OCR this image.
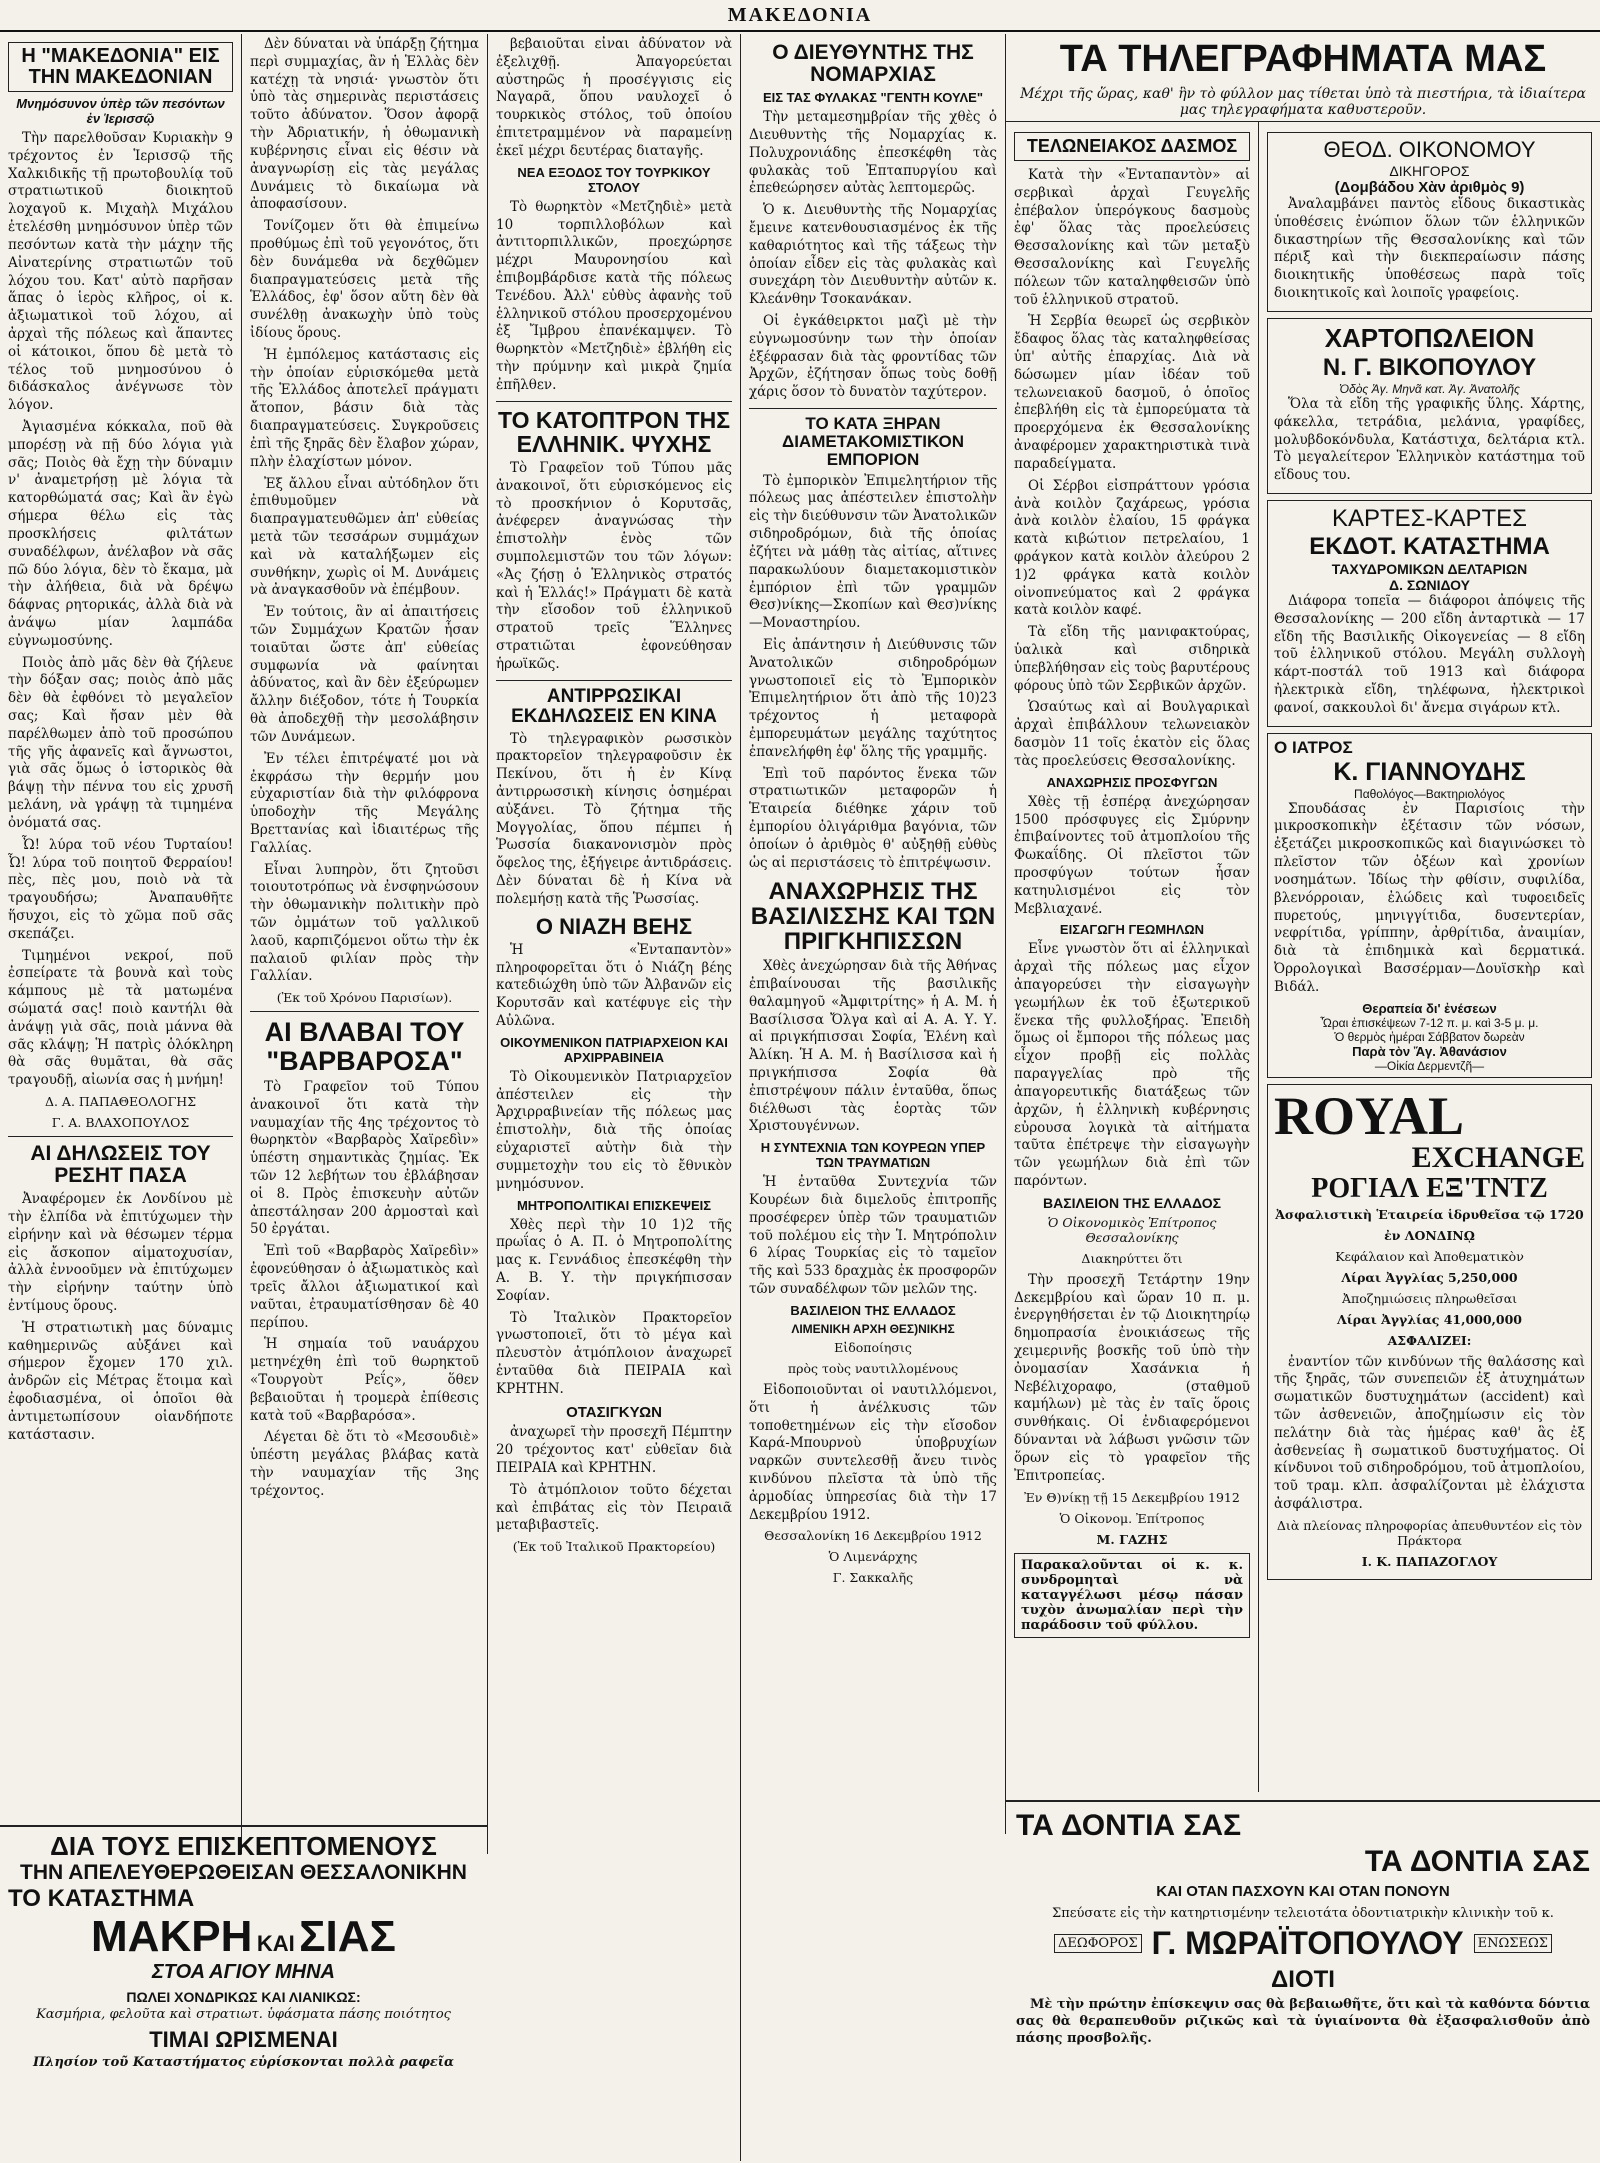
ΜΑΚΕΔΟΝΙΑ
Η "ΜΑΚΕΔΟΝΙΑ" ΕΙΣ ΤΗΝ ΜΑΚΕΔΟΝΙΑΝ
Μνημόσυνον ὑπὲρ τῶν πεσόντων ἐν Ἱερισσῷ

Τὴν παρελθοῦσαν Κυριακὴν 9 τρέχοντος ἐν Ἱερισσῷ τῆς Χαλκιδικῆς τῇ πρωτοβουλίᾳ τοῦ στρατιωτικοῦ διοικητοῦ λοχαγοῦ κ. Μιχαὴλ Μιχάλου ἐτελέσθη μνημόσυνον ὑπὲρ τῶν πεσόντων κατὰ τὴν μάχην τῆς Αἰνατερίνης στρατιωτῶν τοῦ λόχου του. Κατ' αὐτὸ παρῆσαν ἅπας ὁ ἱερὸς κλῆρος, οἱ κ. ἀξιωματικοὶ τοῦ λόχου, αἱ ἀρχαὶ τῆς πόλεως καὶ ἅπαντες οἱ κάτοικοι, ὅπου δὲ μετὰ τὸ τέλος τοῦ μνημοσύνου ὁ διδάσκαλος ἀνέγνωσε τὸν λόγον.

Ἀγιασμένα κόκκαλα, ποῦ θὰ μπορέσῃ νὰ πῇ δύο λόγια γιὰ σᾶς; Ποιὸς θὰ ἔχῃ τὴν δύναμιν ν' ἀναμετρήσῃ μὲ λόγια τὰ κατορθώματά σας; Καὶ ἂν ἐγὼ σήμερα θέλω εἰς τὰς προσκλήσεις φιλτάτων συναδέλφων, ἀνέλαβον νὰ σᾶς πῶ δύο λόγια, δὲν τὸ ἔκαμα, μὰ τὴν ἀλήθεια, διὰ νὰ δρέψω δάφνας ρητορικάς, ἀλλὰ διὰ νὰ ἀνάψω μίαν λαμπάδα εὐγνωμοσύνης.

Ποιὸς ἀπὸ μᾶς δὲν θὰ ζήλευε τὴν δόξαν σας; ποιὸς ἀπὸ μᾶς δὲν θὰ ἐφθόνει τὸ μεγαλεῖον σας; Καὶ ἤσαν μὲν θὰ παρέλθωμεν ἀπὸ τοῦ προσώπου τῆς γῆς ἀφανεῖς καὶ ἄγνωστοι, γιὰ σᾶς ὅμως ὁ ἱστορικὸς θὰ βάψῃ τὴν πέννα του εἰς χρυσῆ μελάνη, νὰ γράψῃ τὰ τιμημένα ὀνόματά σας.

Ὦ! λύρα τοῦ νέου Τυρταίου! Ὦ! λύρα τοῦ ποιητοῦ Φερραίου! πὲς, πὲς μου, ποιὸ νὰ τὰ τραγουδήσω; Ἀναπαυθῆτε ἥσυχοι, εἰς τὸ χῶμα ποῦ σᾶς σκεπάζει.

Τιμημένοι νεκροί, ποῦ ἐσπείρατε τὰ βουνὰ καὶ τοὺς κάμπους μὲ τὰ ματωμένα σώματά σας! ποιὸ καντήλι θὰ ἀνάψῃ γιὰ σᾶς, ποιὰ μάννα θὰ σᾶς κλάψῃ; Ἡ πατρὶς ὁλόκληρη θὰ σᾶς θυμᾶται, θὰ σᾶς τραγουδῇ, αἰωνία σας ἡ μνήμη!

Δ. Α. ΠΑΠΑΘΕΟΛΟΓΗΣ
Γ. Α. ΒΛΑΧΟΠΟΥΛΟΣ
ΑΙ ΔΗΛΩΣΕΙΣ ΤΟΥ ΡΕΣΗΤ ΠΑΣΑ

Ἀναφέρομεν ἐκ Λονδίνου μὲ τὴν ἐλπίδα νὰ ἐπιτύχωμεν τὴν εἰρήνην καὶ νὰ θέσωμεν τέρμα εἰς ἄσκοπον αἱματοχυσίαν, ἀλλὰ ἐννοοῦμεν νὰ ἐπιτύχωμεν τὴν εἰρήνην ταύτην ὑπὸ ἐντίμους ὅρους.

Ἡ στρατιωτικὴ μας δύναμις καθημερινῶς αὐξάνει καὶ σήμερον ἔχομεν 170 χιλ. ἀνδρῶν εἰς Μέτρας ἕτοιμα καὶ ἐφοδιασμένα, οἱ ὁποῖοι θὰ ἀντιμετωπίσουν οἱανδήποτε κατάστασιν.

Δὲν δύναται νὰ ὑπάρξῃ ζήτημα περὶ συμμαχίας, ἂν ἡ Ἑλλὰς δὲν κατέχῃ τὰ νησιά· γνωστὸν ὅτι ὑπὸ τὰς σημερινὰς περιστάσεις τοῦτο ἀδύνατον. Ὅσον ἀφορᾷ τὴν Ἀδριατικήν, ἡ ὀθωμανικὴ κυβέρνησις εἶναι εἰς θέσιν νὰ ἀναγνωρίσῃ εἰς τὰς μεγάλας Δυνάμεις τὸ δικαίωμα νὰ ἀποφασίσουν.

Τονίζομεν ὅτι θὰ ἐπιμείνω προθύμως ἐπὶ τοῦ γεγονότος, ὅτι δὲν δυνάμεθα νὰ δεχθῶμεν διαπραγματεύσεις μετὰ τῆς Ἑλλάδος, ἐφ' ὅσον αὕτη δὲν θὰ συνέλθῃ ἀνακωχὴν ὑπὸ τοὺς ἰδίους ὅρους.

Ἡ ἐμπόλεμος κατάστασις εἰς τὴν ὁποίαν εὑρισκόμεθα μετὰ τῆς Ἑλλάδος ἀποτελεῖ πράγματι ἄτοπον, βάσιν διὰ τὰς διαπραγματεύσεις. Συγκροῦσεις ἐπὶ τῆς ξηρᾶς δὲν ἔλαβον χώραν, πλὴν ἐλαχίστων μόνον.

Ἐξ ἄλλου εἶναι αὐτόδηλον ὅτι ἐπιθυμοῦμεν νὰ διαπραγματευθῶμεν ἀπ' εὐθείας μετὰ τῶν τεσσάρων συμμάχων καὶ νὰ καταλήξωμεν εἰς συνθήκην, χωρὶς οἱ Μ. Δυνάμεις νὰ ἀναγκασθοῦν νὰ ἐπέμβουν.

Ἐν τούτοις, ἂν αἱ ἀπαιτήσεις τῶν Συμμάχων Κρατῶν ἦσαν τοιαῦται ὥστε ἀπ' εὐθείας συμφωνία νὰ φαίνηται ἀδύνατος, καὶ ἂν δὲν ἐξεύρωμεν ἄλλην διέξοδον, τότε ἡ Τουρκία θὰ ἀποδεχθῇ τὴν μεσολάβησιν τῶν Δυνάμεων.

Ἐν τέλει ἐπιτρέψατέ μοι νὰ ἐκφράσω τὴν θερμήν μου εὐχαριστίαν διὰ τὴν φιλόφρονα ὑποδοχὴν τῆς Μεγάλης Βρεττανίας καὶ ἰδιαιτέρως τῆς Γαλλίας.

Εἶναι λυπηρὸν, ὅτι ζητοῦσι τοιουτοτρόπως νὰ ἐνσφηνώσουν τὴν ὀθωμανικὴν πολιτικὴν πρὸ τῶν ὀμμάτων τοῦ γαλλικοῦ λαοῦ, καρπιζόμενοι οὕτω τὴν ἐκ παλαιοῦ φιλίαν πρὸς τὴν Γαλλίαν.

(Ἐκ τοῦ Χρόνου Παρισίων).
ΑΙ ΒΛΑΒΑΙ ΤΟΥ "ΒΑΡΒΑΡΟΣΑ"

Τὸ Γραφεῖον τοῦ Τύπου ἀνακοινοῖ ὅτι κατὰ τὴν ναυμαχίαν τῆς 4ης τρέχοντος τὸ θωρηκτὸν «Βαρβαρὸς Χαϊρεδὶν» ὑπέστη σημαντικὰς ζημίας. Ἐκ τῶν 12 λεβήτων του ἐβλάβησαν οἱ 8. Πρὸς ἐπισκευὴν αὐτῶν ἀπεστάλησαν 200 ἀρμοσταὶ καὶ 50 ἐργάται.

Ἐπὶ τοῦ «Βαρβαρὸς Χαϊρεδὶν» ἐφονεύθησαν ὁ ἀξιωματικὸς καὶ τρεῖς ἄλλοι ἀξιωματικοί καὶ ναῦται, ἐτραυματίσθησαν δὲ 40 περίπου.

Ἡ σημαία τοῦ ναυάρχου μετηνέχθη ἐπὶ τοῦ θωρηκτοῦ «Τουργοὺτ Ρεΐς», ὅθεν βεβαιοῦται ἡ τρομερὰ ἐπίθεσις κατὰ τοῦ «Βαρβαρόσα».

Λέγεται δὲ ὅτι τὸ «Μεσουδιὲ» ὑπέστη μεγάλας βλάβας κατὰ τὴν ναυμαχίαν τῆς 3ης τρέχοντος.

βεβαιοῦται εἶναι ἀδύνατον νὰ ἐξελιχθῇ. Ἀπαγορεύεται αὐστηρῶς ἡ προσέγγισις εἰς Ναγαρᾶ, ὅπου ναυλοχεῖ ὁ τουρκικὸς στόλος, τοῦ ὁποίου ἐπιτετραμμένον νὰ παραμείνῃ ἐκεῖ μέχρι δευτέρας διαταγῆς.

ΝΕΑ ΕΞΟΔΟΣ ΤΟΥ ΤΟΥΡΚΙΚΟΥ ΣΤΟΛΟΥ

Τὸ θωρηκτὸν «Μετζηδιὲ» μετὰ 10 τορπιλλοβόλων καὶ ἀντιτορπιλλικῶν, προεχώρησε μέχρι Μαυρονησίου καὶ ἐπιβομβάρδισε κατὰ τῆς πόλεως Τενέδου. Ἀλλ' εὐθὺς ἀφανὴς τοῦ ἑλληνικοῦ στόλου προσερχομένου ἐξ Ἴμβρου ἐπανέκαμψεν. Τὸ θωρηκτὸν «Μετζηδιὲ» ἐβλήθη εἰς τὴν πρύμνην καὶ μικρὰ ζημία ἐπῆλθεν.

ΤΟ ΚΑΤΟΠΤΡΟΝ ΤΗΣ ΕΛΛΗΝΙΚ. ΨΥΧΗΣ

Τὸ Γραφεῖον τοῦ Τύπου μᾶς ἀνακοινοῖ, ὅτι εὑρισκόμενος εἰς τὸ προσκήνιον ὁ Κορυτσᾶς, ἀνέφερεν ἀναγνώσας τὴν ἐπιστολὴν ἑνὸς τῶν συμπολεμιστῶν του τῶν λόγων: «Ἀς ζήσῃ ὁ Ἑλληνικὸς στρατός καὶ ἡ Ἑλλάς!» Πράγματι δὲ κατὰ τὴν εἴσοδον τοῦ ἑλληνικοῦ στρατοῦ τρεῖς Ἕλληνες στρατιῶται ἐφονεύθησαν ἡρωϊκῶς.

ΑΝΤΙΡΡΩΣΙΚΑΙ ΕΚΔΗΛΩΣΕΙΣ ΕΝ ΚΙΝΑ

Τὸ τηλεγραφικὸν ρωσσικὸν πρακτορεῖον τηλεγραφοῦσιν ἐκ Πεκίνου, ὅτι ἡ ἐν Κίνᾳ ἀντιρρωσσικὴ κίνησις ὁσημέραι αὐξάνει. Τὸ ζήτημα τῆς Μογγολίας, ὅπου πέμπει ἡ Ῥωσσία διακανονισμὸν πρὸς ὄφελος της, ἐξήγειρε ἀντιδράσεις. Δὲν δύναται δὲ ἡ Κίνα νὰ πολεμήσῃ κατὰ τῆς Ῥωσσίας.

Ο ΝΙΑΖΗ ΒΕΗΣ

Ἡ «Ἐνταπαντὸν» πληροφορεῖται ὅτι ὁ Νιάζη βέης κατεδιώχθη ὑπὸ τῶν Ἀλβανῶν εἰς Κορυτσᾶν καὶ κατέφυγε εἰς τὴν Αὐλῶνα.

ΟΙΚΟΥΜΕΝΙΚΟΝ ΠΑΤΡΙΑΡΧΕΙΟΝ ΚΑΙ ΑΡΧΙΡΡΑΒΙΝΕΙΑ

Τὸ Οἰκουμενικὸν Πατριαρχεῖον ἀπέστειλεν εἰς τὴν Ἀρχιρραβινείαν τῆς πόλεως μας ἐπιστολὴν, διὰ τῆς ὁποίας εὐχαριστεῖ αὐτὴν διὰ τὴν συμμετοχὴν του εἰς τὸ ἔθνικὸν μνημόσυνον.

ΜΗΤΡΟΠΟΛΙΤΙΚΑΙ ΕΠΙΣΚΕΨΕΙΣ

Χθὲς περὶ τὴν 10 1)2 τῆς πρωΐας ὁ Α. Π. ὁ Μητροπολίτης μας κ. Γεννάδιος ἐπεσκέφθη τὴν Α. Β. Υ. τὴν πριγκήπισσαν Σοφίαν.

Τὸ Ἰταλικὸν Πρακτορεῖον γνωστοποιεῖ, ὅτι τὸ μέγα καὶ πλευστὸν ἀτμόπλοιον ἀναχωρεῖ ἐνταῦθα διὰ ΠΕΙΡΑΙΑ καὶ ΚΡΗΤΗΝ.

ΟΤΑΣΙΓΚΥΩΝ

ἀναχωρεῖ τὴν προσεχῆ Πέμπτην 20 τρέχοντος κατ' εὐθεῖαν διὰ ΠΕΙΡΑΙΑ καὶ ΚΡΗΤΗΝ.

Τὸ ἀτμόπλοιον τοῦτο δέχεται καὶ ἐπιβάτας εἰς τὸν Πειραιᾶ μεταβιβαστεῖς.

(Ἐκ τοῦ Ἰταλικοῦ Πρακτορείου)
Ο ΔΙΕΥΘΥΝΤΗΣ ΤΗΣ ΝΟΜΑΡΧΙΑΣ
ΕΙΣ ΤΑΣ ΦΥΛΑΚΑΣ "ΓΕΝΤΗ ΚΟΥΛΕ"

Τὴν μεταμεσημβρίαν τῆς χθὲς ὁ Διευθυντὴς τῆς Νομαρχίας κ. Πολυχρονιάδης ἐπεσκέφθη τὰς φυλακὰς τοῦ Ἐπταπυργίου καὶ ἐπεθεώρησεν αὐτὰς λεπτομερῶς.

Ὁ κ. Διευθυντὴς τῆς Νομαρχίας ἔμεινε κατενθουσιασμένος ἐκ τῆς καθαριότητος καὶ τῆς τάξεως τὴν ὁποίαν εἶδεν εἰς τὰς φυλακὰς καὶ συνεχάρη τὸν Διευθυντὴν αὐτῶν κ. Κλεάνθην Τσοκανάκαν.

Οἱ ἐγκάθειρκτοι μαζὶ μὲ τὴν εὐγνωμοσύνην των τὴν ὁποίαν ἐξέφρασαν διὰ τὰς φροντίδας τῶν Ἀρχῶν, ἐζήτησαν ὅπως τοὺς δοθῇ χάρις ὅσον τὸ δυνατὸν ταχύτερον.

ΤΟ ΚΑΤΑ ΞΗΡΑΝ ΔΙΑΜΕΤΑΚΟΜΙΣΤΙΚΟΝ ΕΜΠΟΡΙΟΝ

Τὸ ἐμπορικὸν Ἐπιμελητήριον τῆς πόλεως μας ἀπέστειλεν ἐπιστολὴν εἰς τὴν διεύθυνσιν τῶν Ἀνατολικῶν σιδηροδρόμων, διὰ τῆς ὁποίας ἐζήτει νὰ μάθῃ τὰς αἰτίας, αἵτινες παρακωλύουν διαμετακομιστικὸν ἐμπόριον ἐπὶ τῶν γραμμῶν Θεσ)νίκης—Σκοπίων καὶ Θεσ)νίκης—Μοναστηρίου.

Εἰς ἀπάντησιν ἡ Διεύθυνσις τῶν Ἀνατολικῶν σιδηροδρόμων γνωστοποιεῖ εἰς τὸ Ἐμπορικὸν Ἐπιμελητήριον ὅτι ἀπὸ τῆς 10)23 τρέχοντος ἡ μεταφορὰ ἐμπορευμάτων μεγάλης ταχύτητος ἐπανελήφθη ἐφ' ὅλης τῆς γραμμῆς.

Ἐπὶ τοῦ παρόντος ἕνεκα τῶν στρατιωτικῶν μεταφορῶν ἡ Ἑταιρεία διέθηκε χάριν τοῦ ἐμπορίου ὀλιγάριθμα βαγόνια, τῶν ὁποίων ὁ ἀριθμὸς θ' αὐξηθῇ εὐθὺς ὡς αἱ περιστάσεις τὸ ἐπιτρέψωσιν.

ΑΝΑΧΩΡΗΣΙΣ ΤΗΣ ΒΑΣΙΛΙΣΣΗΣ ΚΑΙ ΤΩΝ ΠΡΙΓΚΗΠΙΣΣΩΝ

Χθὲς ἀνεχώρησαν διὰ τῆς Ἀθήνας ἐπιβαίνουσαι τῆς βασιλικῆς θαλαμηγοῦ «Ἀμφιτρίτης» ἡ Α. Μ. ἡ Βασίλισσα Ὄλγα καὶ αἱ Α. Α. Υ. Υ. αἱ πριγκήπισσαι Σοφία, Ἑλένη καὶ Ἀλίκη. Ἡ Α. Μ. ἡ Βασίλισσα καὶ ἡ πριγκήπισσα Σοφία θὰ ἐπιστρέψουν πάλιν ἐνταῦθα, ὅπως διέλθωσι τὰς ἑορτὰς τῶν Χριστουγέννων.

Η ΣΥΝΤΕΧΝΙΑ ΤΩΝ ΚΟΥΡΕΩΝ ΥΠΕΡ ΤΩΝ ΤΡΑΥΜΑΤΙΩΝ

Ἡ ἐνταῦθα Συντεχνία τῶν Κουρέων διὰ διμελοῦς ἐπιτροπῆς προσέφερεν ὑπὲρ τῶν τραυματιῶν τοῦ πολέμου εἰς τὴν Ἱ. Μητρόπολιν 6 λίρας Τουρκίας εἰς τὸ ταμεῖον τῆς καὶ 533 δραχμὰς ἐκ προσφορῶν τῶν συναδέλφων τῶν μελῶν της.

ΒΑΣΙΛΕΙΟΝ ΤΗΣ ΕΛΛΑΔΟΣ
ΛΙΜΕΝΙΚΗ ΑΡΧΗ ΘΕΣ)ΝΙΚΗΣ
Εἰδοποίησις
πρὸς τοὺς ναυτιλλομένους

Εἰδοποιοῦνται οἱ ναυτιλλόμενοι, ὅτι ἡ ἀνέλκυσις τῶν τοποθετημένων εἰς τὴν εἴσοδον Καρά-Μπουρνοὺ ὑποβρυχίων ναρκῶν συντελεσθῇ ἄνευ τινὸς κινδύνου πλεῖστα τὰ ὑπὸ τῆς ἀρμοδίας ὑπηρεσίας διὰ τὴν 17 Δεκεμβρίου 1912.

Θεσσαλονίκη 16 Δεκεμβρίου 1912
Ὁ Λιμενάρχης
Γ. Σακκαλῆς
ΤΑ ΤΗΛΕΓΡΑΦΗΜΑΤΑ ΜΑΣ
Μέχρι τῆς ὥρας, καθ' ἣν τὸ φύλλον μας τίθεται ὑπὸ τὰ πιεστήρια, τὰ ἰδιαίτερα μας τηλεγραφήματα καθυστεροῦν.
ΤΕΛΩΝΕΙΑΚΟΣ ΔΑΣΜΟΣ

Κατὰ τὴν «Ἐνταπαντὸν» αἱ σερβικαὶ ἀρχαὶ Γευγελῆς ἐπέβαλον ὑπερόγκους δασμοὺς ἐφ' ὅλας τὰς προελεύσεις Θεσσαλονίκης καὶ τῶν μεταξὺ Θεσσαλονίκης καὶ Γευγελῆς πόλεων τῶν καταληφθεισῶν ὑπὸ τοῦ ἑλληνικοῦ στρατοῦ.

Ἡ Σερβία θεωρεῖ ὡς σερβικὸν ἔδαφος ὅλας τὰς καταληφθείσας ὑπ' αὐτῆς ἐπαρχίας. Διὰ νὰ δώσωμεν μίαν ἰδέαν τοῦ τελωνειακοῦ δασμοῦ, ὁ ὁποῖος ἐπεβλήθη εἰς τὰ ἐμπορεύματα τὰ προερχόμενα ἐκ Θεσσαλονίκης ἀναφέρομεν χαρακτηριστικὰ τινὰ παραδείγματα.

Οἱ Σέρβοι εἰσπράττουν γρόσια ἀνὰ κοιλὸν ζαχάρεως, γρόσια ἀνὰ κοιλὸν ἐλαίου, 15 φράγκα κατὰ κιβώτιον πετρελαίου, 1 φράγκον κατὰ κοιλὸν ἀλεύρου 2 1)2 φράγκα κατὰ κοιλὸν οἰνοπνεύματος καὶ 2 φράγκα κατὰ κοιλὸν καφέ.

Τὰ εἴδη τῆς μανιφακτούρας, ὑαλικὰ καὶ σιδηρικὰ ὑπεβλήθησαν εἰς τοὺς βαρυτέρους φόρους ὑπὸ τῶν Σερβικῶν ἀρχῶν.

Ὡσαύτως καὶ αἱ Βουλγαρικαὶ ἀρχαὶ ἐπιβάλλουν τελωνειακὸν δασμὸν 11 τοῖς ἑκατὸν εἰς ὅλας τὰς προελεύσεις Θεσσαλονίκης.

ΑΝΑΧΩΡΗΣΙΣ ΠΡΟΣΦΥΓΩΝ

Χθὲς τῇ ἐσπέρᾳ ἀνεχώρησαν 1500 πρόσφυγες εἰς Σμύρνην ἐπιβαίνοντες τοῦ ἀτμοπλοίου τῆς Φωκαΐδης. Οἱ πλεῖστοι τῶν προσφύγων τούτων ἦσαν κατηυλισμένοι εἰς τὸν Μεβλιαχανέ.

ΕΙΣΑΓΩΓΗ ΓΕΩΜΗΛΩΝ

Εἶνε γνωστὸν ὅτι αἱ ἑλληνικαὶ ἀρχαὶ τῆς πόλεως μας εἶχον ἀπαγορεύσει τὴν εἰσαγωγὴν γεωμήλων ἐκ τοῦ ἐξωτερικοῦ ἕνεκα τῆς φυλλοξήρας. Ἐπειδὴ ὅμως οἱ ἔμποροι τῆς πόλεως μας εἶχον προβῇ εἰς πολλὰς παραγγελίας πρὸ τῆς ἀπαγορευτικῆς διατάξεως τῶν ἀρχῶν, ἡ ἑλληνικὴ κυβέρνησις εὐρουσα λογικὰ τὰ αἰτήματα ταῦτα ἐπέτρεψε τὴν εἰσαγωγὴν τῶν γεωμήλων διὰ ἐπὶ τῶν παρόντων.

ΒΑΣΙΛΕΙΟΝ ΤΗΣ ΕΛΛΑΔΟΣ
Ὁ Οἰκονομικὸς Ἐπίτροπος Θεσσαλονίκης
Διακηρύττει ὅτι

Τὴν προσεχῆ Τετάρτην 19ην Δεκεμβρίου καὶ ὥραν 10 π. μ. ἐνεργηθήσεται ἐν τῷ Διοικητηρίῳ δημοπρασία ἐνοικιάσεως τῆς χειμερινῆς βοσκῆς τοῦ ὑπὸ τὴν ὀνομασίαν Χασάνκια ἡ Νεβέλιχοραφο, (σταθμοῦ καμήλων) μὲ τὰς ἐν ταῖς ὅροις συνθήκαις. Οἱ ἐνδιαφερόμενοι δύνανται νὰ λάβωσι γνῶσιν τῶν ὅρων εἰς τὸ γραφεῖον τῆς Ἐπιτροπείας.

Ἐν Θ)νίκῃ τῇ 15 Δεκεμβρίου 1912
Ὁ Οἰκονομ. Ἐπίτροπος
Μ. ΓΑΖΗΣ
Παρακαλοῦνται οἱ κ. κ. συνδρομηταὶ νὰ καταγγέλωσι μέσῳ πάσαν τυχὸν ἀνωμαλίαν περὶ τὴν παράδοσιν τοῦ φύλλου.
ΘΕΟΔ. ΟΙΚΟΝΟΜΟΥ
ΔΙΚΗΓΟΡΟΣ
(Δομβάδου Χὰν ἀριθμὸς 9)

Ἀναλαμβάνει παντὸς εἴδους δικαστικὰς ὑποθέσεις ἐνώπιον ὅλων τῶν ἑλληνικῶν δικαστηρίων τῆς Θεσσαλονίκης καὶ τῶν πέριξ καὶ τὴν διεκπεραίωσιν πάσης διοικητικῆς ὑποθέσεως παρὰ τοῖς διοικητικοῖς καὶ λοιποῖς γραφείοις.

ΧΑΡΤΟΠΩΛΕΙΟΝ
Ν. Γ. ΒΙΚΟΠΟΥΛΟΥ
Ὁδὸς Ἁγ. Μηνᾶ κατ. Ἀγ. Ἀνατολῆς

Ὅλα τὰ εἴδη τῆς γραφικῆς ὕλης. Χάρτης, φάκελλα, τετράδια, μελάνια, γραφίδες, μολυβδοκόνδυλα, Κατάστιχα, δελτάρια κτλ. Τὸ μεγαλείτερον Ἑλληνικὸν κατάστημα τοῦ εἴδους του.

ΚΑΡΤΕΣ-ΚΑΡΤΕΣ
ΕΚΔΟΤ. ΚΑΤΑΣΤΗΜΑ
ΤΑΧΥΔΡΟΜΙΚΩΝ ΔΕΛΤΑΡΙΩΝ
Δ. ΣΩΝΙΔΟΥ

Διάφορα τοπεῖα — διάφοροι ἀπόψεις τῆς Θεσσαλονίκης — 200 εἴδη ἀνταρτικὰ — 17 εἴδη τῆς Βασιλικῆς Οἰκογενείας — 8 εἴδη τοῦ ἑλληνικοῦ στόλου. Μεγάλη συλλογὴ κάρτ-ποστάλ τοῦ 1913 καὶ διάφορα ἠλεκτρικὰ εἴδη, τηλέφωνα, ἠλεκτρικοὶ φανοί, σακκουλοὶ δι' ἄνεμα σιγάρων κτλ.

Ο ΙΑΤΡΟΣ
Κ. ΓΙΑΝΝΟΥΔΗΣ
Παθολόγος—Βακτηριολόγος

Σπουδάσας ἐν Παρισίοις τὴν μικροσκοπικὴν ἐξέτασιν τῶν νόσων, ἐξετάζει μικροσκοπικῶς καὶ διαγινώσκει τὸ πλεῖστον τῶν ὀξέων καὶ χρονίων νοσημάτων. Ἰδίως τὴν φθίσιν, συφιλίδα, βλενόρροιαν, ἐλώδεις καὶ τυφοειδεῖς πυρετούς, μηνιγγίτιδα, δυσεντερίαν, νεφρίτιδα, γρίππην, ἀρθρίτιδα, ἀναιμίαν, διὰ τὰ ἐπιδημικὰ καὶ δερματικά. Ὀρρολογικαὶ Βασσέρμαν—Δουϊσκὴρ καὶ Βιδάλ.

Θεραπεία δι' ἐνέσεων
Ὧραι ἐπισκέψεων 7-12 π. μ. καὶ 3-5 μ. μ.
Ὁ θερμὸς ἡμέραι Σάββατον δωρεὰν
Παρὰ τὸν Ἅγ. Ἀθανάσιον
—Οἰκία Δερμεντζῆ—
ROYAL
EXCHANGE
ΡΟΓΙΑΛ ΕΞ'ΤΝΤΖ
Ἀσφαλιστικὴ Ἑταιρεία ἱδρυθεῖσα τῷ 1720
ἐν ΛΟΝΔΙΝῼ
Κεφάλαιον καὶ Ἀποθεματικὸν
Λίραι Ἀγγλίας 5,250,000
Ἀποζημιώσεις πληρωθεῖσαι
Λίραι Ἀγγλίας 41,000,000
ΑΣΦΑΛΙΖΕΙ:

ἐναντίον τῶν κινδύνων τῆς θαλάσσης καὶ τῆς ξηρᾶς, τῶν συνεπειῶν ἐξ ἀτυχημάτων σωματικῶν δυστυχημάτων (accident) καὶ τῶν ἀσθενειῶν, ἀποζημίωσιν εἰς τὸν πελάτην διὰ τὰς ἡμέρας καθ' ἃς ἐξ ἀσθενείας ἢ σωματικοῦ δυστυχήματος. Οἱ κίνδυνοι τοῦ σιδηροδρόμου, τοῦ ἀτμοπλοίου, τοῦ τραμ. κλπ. ἀσφαλίζονται μὲ ἐλάχιστα ἀσφάλιστρα.

Διὰ πλείονας πληροφορίας ἀπευθυντέον εἰς τὸν Πράκτορα
Ι. Κ. ΠΑΠΑΖΟΓΛΟΥ
ΔΙΑ ΤΟΥΣ ΕΠΙΣΚΕΠΤΟΜΕΝΟΥΣ
ΤΗΝ ΑΠΕΛΕΥΘΕΡΩΘΕΙΣΑΝ ΘΕΣΣΑΛΟΝΙΚΗΝ
ΤΟ ΚΑΤΑΣΤΗΜΑ
ΜΑΚΡΗ ΚΑΙ ΣΙΑΣ
ΣΤΟΑ ΑΓΙΟΥ ΜΗΝΑ
ΠΩΛΕΙ ΧΟΝΔΡΙΚΩΣ ΚΑΙ ΛΙΑΝΙΚΩΣ:
Κασμήρια, φελοῦτα καὶ στρατιωτ. ὑφάσματα πάσης ποιότητος
ΤΙΜΑΙ ΩΡΙΣΜΕΝΑΙ
Πλησίον τοῦ Καταστήματος εὑρίσκονται πολλὰ ραφεῖα
ΤΑ ΔΟΝΤΙΑ ΣΑΣ
ΤΑ ΔΟΝΤΙΑ ΣΑΣ
ΚΑΙ ΟΤΑΝ ΠΑΣΧΟΥΝ ΚΑΙ ΟΤΑΝ ΠΟΝΟΥΝ
Σπεύσατε εἰς τὴν κατηρτισμένην τελειοτάτα ὀδοντιατρικὴν κλινικὴν τοῦ κ.
ΔΕΩΦΟΡΟΣ Γ. ΜΩΡΑΪΤΟΠΟΥΛΟΥ	ΕΝΩΣΕΩΣ
ΔΙΟΤΙ

Μὲ τὴν πρώτην ἐπίσκεψιν σας θὰ βεβαιωθῆτε, ὅτι καὶ τὰ καθόντα δόντια σας θὰ θεραπευθοῦν ριζικῶς καὶ τὰ ὑγιαίνοντα θὰ ἐξασφαλισθοῦν ἀπὸ πάσης προσβολῆς.
